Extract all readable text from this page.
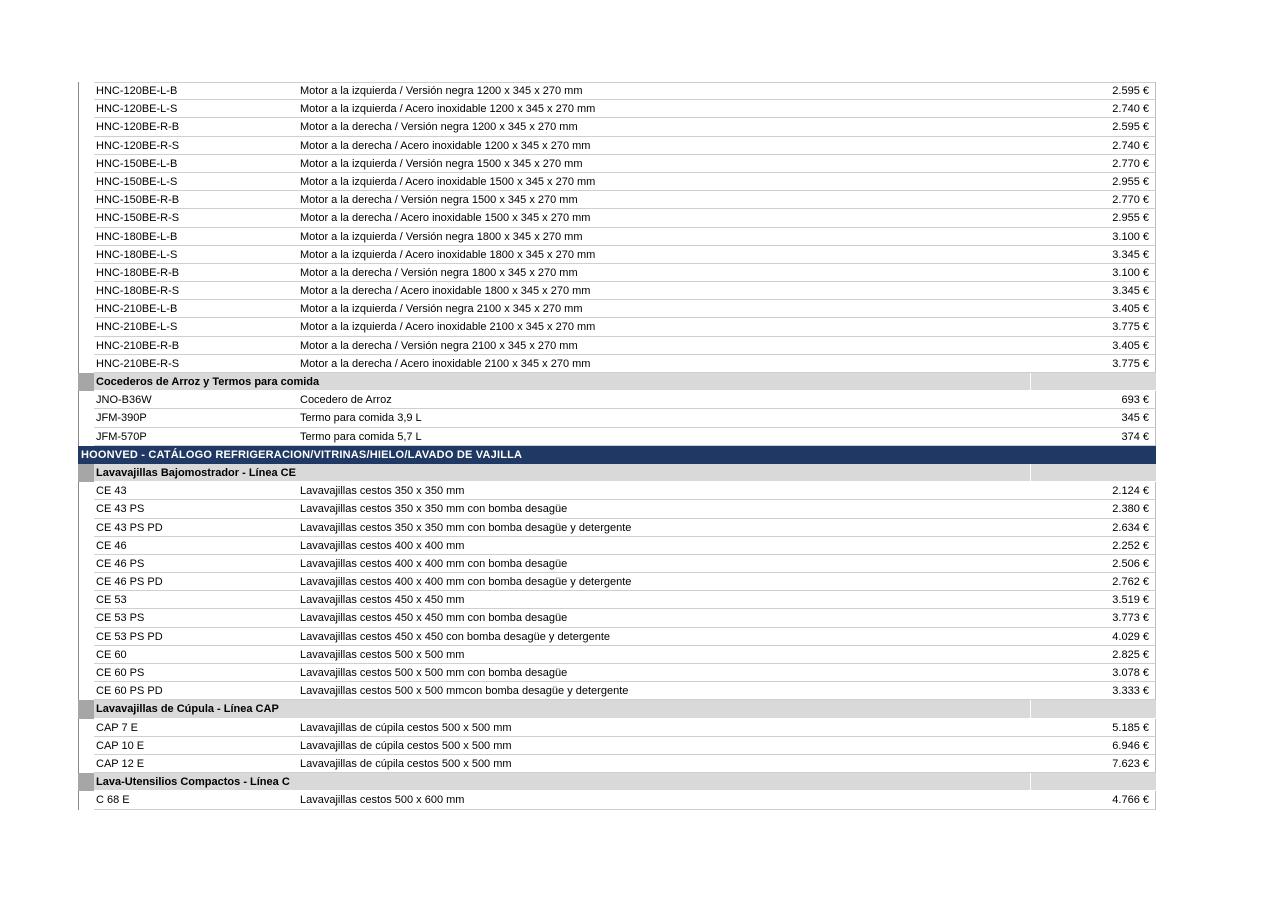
HNC-120BE-L-B	Motor a la izquierda / Versión negra 1200 x 345 x 270 mm	2.595 €
HNC-120BE-L-S	Motor a la izquierda / Acero inoxidable 1200 x 345 x 270 mm	2.740 €
HNC-120BE-R-B	Motor a la derecha / Versión negra 1200 x 345 x 270 mm	2.595 €
HNC-120BE-R-S	Motor a la derecha / Acero inoxidable 1200 x 345 x 270 mm	2.740 €
HNC-150BE-L-B	Motor a la izquierda / Versión negra 1500 x 345 x 270 mm	2.770 €
HNC-150BE-L-S	Motor a la izquierda / Acero inoxidable 1500 x 345 x 270 mm	2.955 €
HNC-150BE-R-B	Motor a la derecha / Versión negra 1500 x 345 x 270 mm	2.770 €
HNC-150BE-R-S	Motor a la derecha / Acero inoxidable 1500 x 345 x 270 mm	2.955 €
HNC-180BE-L-B	Motor a la izquierda / Versión negra 1800 x 345 x 270 mm	3.100 €
HNC-180BE-L-S	Motor a la izquierda / Acero inoxidable 1800 x 345 x 270 mm	3.345 €
HNC-180BE-R-B	Motor a la derecha / Versión negra 1800 x 345 x 270 mm	3.100 €
HNC-180BE-R-S	Motor a la derecha / Acero inoxidable 1800 x 345 x 270 mm	3.345 €
HNC-210BE-L-B	Motor a la izquierda / Versión negra 2100 x 345 x 270 mm	3.405 €
HNC-210BE-L-S	Motor a la izquierda / Acero inoxidable 2100 x 345 x 270 mm	3.775 €
HNC-210BE-R-B	Motor a la derecha / Versión negra 2100 x 345 x 270 mm	3.405 €
HNC-210BE-R-S	Motor a la derecha / Acero inoxidable 2100 x 345 x 270 mm	3.775 €
Cocederos de Arroz y Termos para comida
JNO-B36W	Cocedero de Arroz	693 €
JFM-390P	Termo para comida 3,9 L	345 €
JFM-570P	Termo para comida 5,7 L	374 €
HOONVED - CATÁLOGO REFRIGERACION/VITRINAS/HIELO/LAVADO DE VAJILLA
Lavavajillas Bajomostrador - Línea CE
CE 43	Lavavajillas cestos 350 x 350 mm	2.124 €
CE 43 PS	Lavavajillas cestos 350 x 350 mm con bomba desagüe	2.380 €
CE 43 PS PD	Lavavajillas cestos 350 x 350 mm con bomba desagüe y detergente	2.634 €
CE 46	Lavavajillas cestos 400 x 400 mm	2.252 €
CE 46 PS	Lavavajillas cestos 400 x 400 mm con bomba desagüe	2.506 €
CE 46 PS PD	Lavavajillas cestos 400 x 400 mm con bomba desagüe y detergente	2.762 €
CE 53	Lavavajillas cestos 450 x 450 mm	3.519 €
CE 53 PS	Lavavajillas cestos 450 x 450 mm con bomba desagüe	3.773 €
CE 53 PS PD	Lavavajillas cestos 450 x 450 con bomba desagüe y detergente	4.029 €
CE 60	Lavavajillas cestos 500 x 500 mm	2.825 €
CE 60 PS	Lavavajillas cestos 500 x 500 mm con bomba desagüe	3.078 €
CE 60 PS PD	Lavavajillas cestos 500 x 500 mmcon bomba desagüe y detergente	3.333 €
Lavavajillas de Cúpula - Línea CAP
CAP 7 E	Lavavajillas de cúpila cestos 500 x 500 mm	5.185 €
CAP 10 E	Lavavajillas de cúpila cestos 500 x 500 mm	6.946 €
CAP 12 E	Lavavajillas de cúpila cestos 500 x 500 mm	7.623 €
Lava-Utensilios Compactos - Línea C
C 68 E	Lavavajillas cestos 500 x 600 mm	4.766 €
